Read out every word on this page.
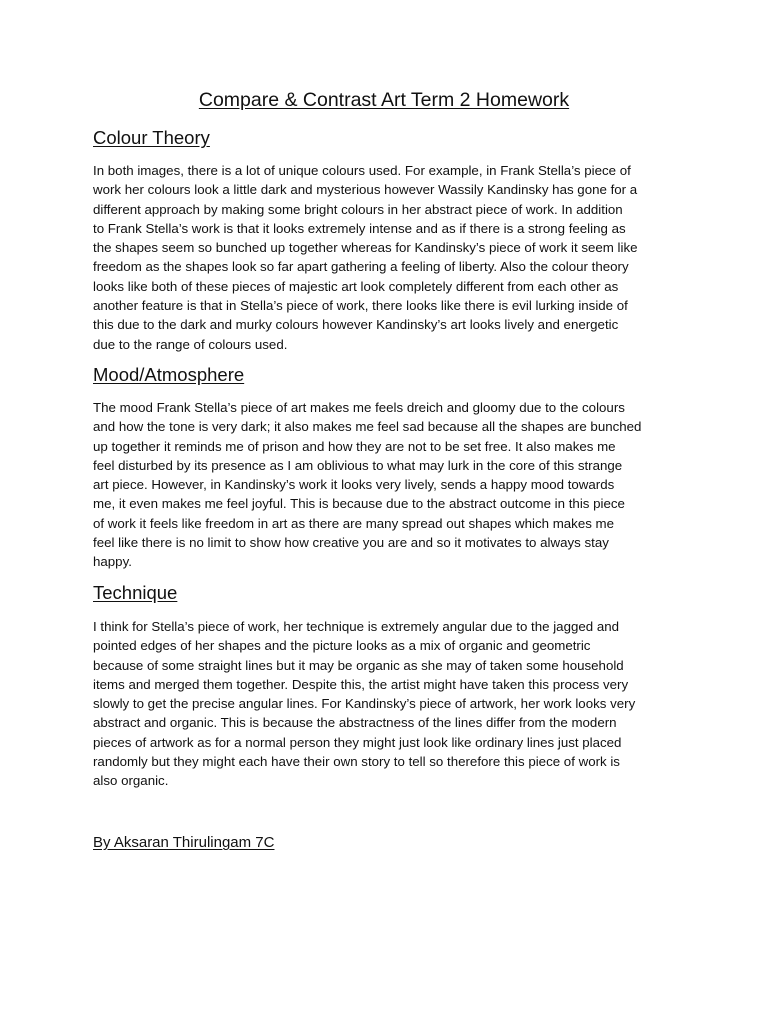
Compare & Contrast Art Term 2 Homework
Colour Theory

In both images, there is a lot of unique colours used. For example, in Frank Stella’s piece of
work her colours look a little dark and mysterious however Wassily Kandinsky has gone for a
different approach by making some bright colours in her abstract piece of work. In addition
to Frank Stella’s work is that it looks extremely intense and as if there is a strong feeling as
the shapes seem so bunched up together whereas for Kandinsky’s piece of work it seem like
freedom as the shapes look so far apart gathering a feeling of liberty. Also the colour theory
looks like both of these pieces of majestic art look completely different from each other as
another feature is that in Stella’s piece of work, there looks like there is evil lurking inside of
this due to the dark and murky colours however Kandinsky’s art looks lively and energetic
due to the range of colours used.

Mood/Atmosphere

The mood Frank Stella’s piece of art makes me feels dreich and gloomy due to the colours
and how the tone is very dark; it also makes me feel sad because all the shapes are bunched
up together it reminds me of prison and how they are not to be set free. It also makes me
feel disturbed by its presence as I am oblivious to what may lurk in the core of this strange
art piece. However, in Kandinsky’s work it looks very lively, sends a happy mood towards
me, it even makes me feel joyful. This is because due to the abstract outcome in this piece
of work it feels like freedom in art as there are many spread out shapes which makes me
feel like there is no limit to show how creative you are and so it motivates to always stay
happy.

Technique

I think for Stella’s piece of work, her technique is extremely angular due to the jagged and
pointed edges of her shapes and the picture looks as a mix of organic and geometric
because of some straight lines but it may be organic as she may of taken some household
items and merged them together. Despite this, the artist might have taken this process very
slowly to get the precise angular lines. For Kandinsky’s piece of artwork, her work looks very
abstract and organic. This is because the abstractness of the lines differ from the modern
pieces of artwork as for a normal person they might just look like ordinary lines just placed
randomly but they might each have their own story to tell so therefore this piece of work is
also organic.

By Aksaran Thirulingam 7C
